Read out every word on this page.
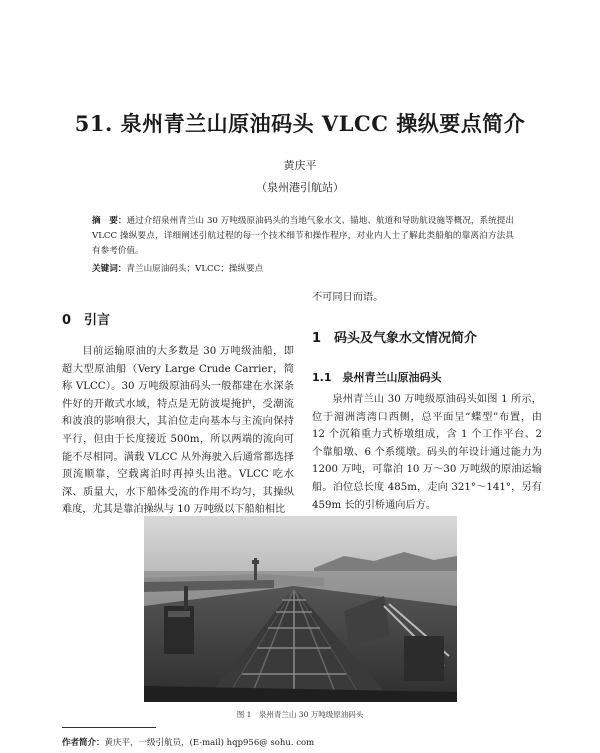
51. 泉州青兰山原油码头 VLCC 操纵要点简介
黄庆平
（泉州港引航站）
摘　要：通过介绍泉州青兰山 30 万吨级原油码头的当地气象水文、锚地、航道和导助航设施等概况，系统提出 VLCC 操纵要点，详细阐述引航过程的每一个技术细节和操作程序，对业内人士了解此类船舶的靠离泊方法具有参考价值。
关键词：青兰山原油码头；VLCC；操纵要点
0　引言
目前运输原油的大多数是 30 万吨级油船，即超大型原油船（Very Large Crude Carrier，简称 VLCC）。30 万吨级原油码头一般都建在水深条件好的开敞式水域，特点是无防波堤掩护，受潮流和波浪的影响很大，其泊位走向基本与主流向保持平行，但由于长度接近 500m，所以两端的流向可能不尽相同。满载 VLCC 从外海驶入后通常都选择顶流顺靠，空载离泊时再掉头出港。VLCC 吃水深、质量大，水下船体受流的作用不均匀，其操纵难度，尤其是靠泊操纵与 10 万吨级以下船舶相比
不可同日而语。
1　码头及气象水文情况简介
1.1　泉州青兰山原油码头
泉州青兰山 30 万吨级原油码头如图 1 所示，位于湄洲湾湾口西侧，总平面呈“蝶型”布置，由 12 个沉箱重力式桥墩组成，含 1 个工作平台、2 个靠船墩、6 个系缆墩。码头的年设计通过能力为 1200 万吨，可靠泊 10 万～30 万吨级的原油运输船。泊位总长度 485m，走向 321°～141°，另有 459m 长的引桥通向后方。
图 1　泉州青兰山 30 万吨级原油码头
作者简介：黄庆平，一级引航员，(E-mail) hqp956@ sohu. com
